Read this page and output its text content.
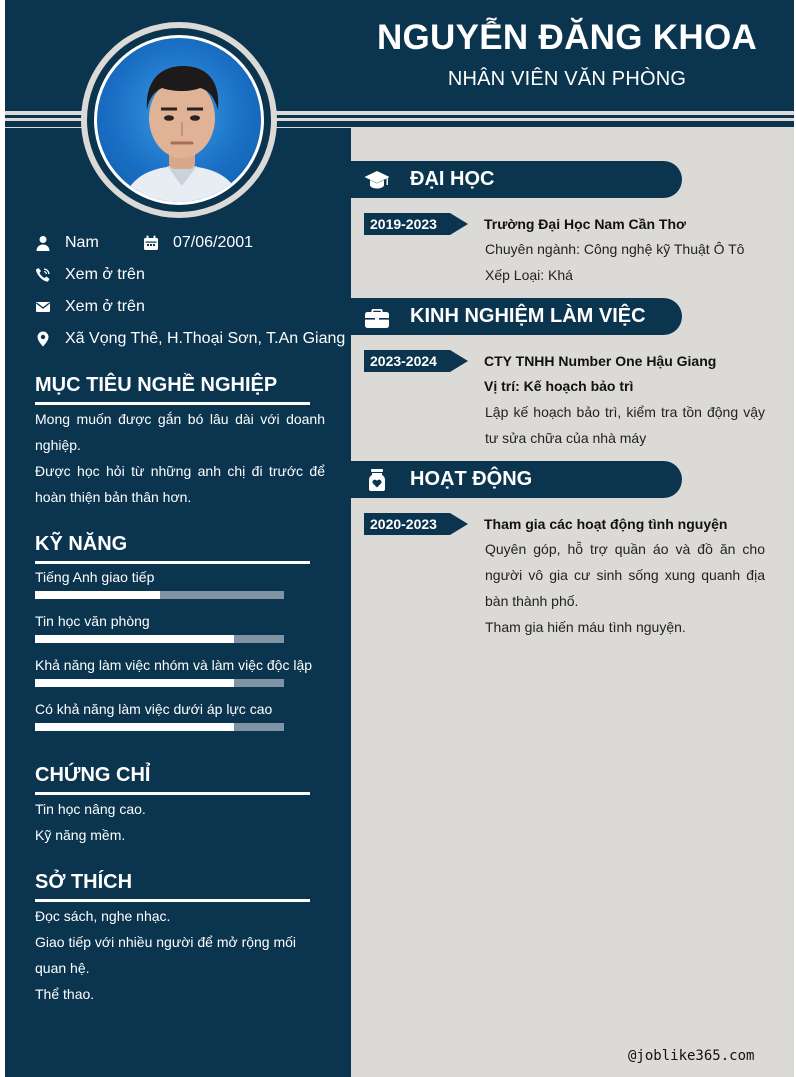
NGUYỄN ĐĂNG KHOA
NHÂN VIÊN VĂN PHÒNG
Nam	07/06/2001
Xem ở trên
Xem ở trên
Xã Vọng Thê, H.Thoại Sơn, T.An Giang
MỤC TIÊU NGHỀ NGHIỆP
Mong muốn được gắn bó lâu dài với doanh nghiệp.
Được học hỏi từ những anh chị đi trước để hoàn thiện bản thân hơn.
KỸ NĂNG
Tiếng Anh giao tiếp
Tin học văn phòng
Khả năng làm việc nhóm và làm việc độc lập
Có khả năng làm việc dưới áp lực cao
CHỨNG CHỈ
Tin học nâng cao.
Kỹ năng mềm.
SỞ THÍCH
Đọc sách, nghe nhạc.
Giao tiếp với nhiều người để mở rộng mối quan hệ.
Thể thao.
ĐẠI HỌC
2019-2023	Trường Đại Học Nam Cần Thơ
Chuyên ngành: Công nghệ kỹ Thuật Ô Tô
Xếp Loại: Khá
KINH NGHIỆM LÀM VIỆC
2023-2024	CTY TNHH Number One Hậu Giang
Vị trí: Kế hoạch bảo trì
Lập kế hoạch bảo trì, kiểm tra tồn động vậy tư sửa chữa của nhà máy
HOẠT ĐỘNG
2020-2023	Tham gia các hoạt động tình nguyện
Quyên góp, hỗ trợ quần áo và đồ ăn cho người vô gia cư sinh sống xung quanh địa bàn thành phố.
Tham gia hiến máu tình nguyện.
@joblike365.com
